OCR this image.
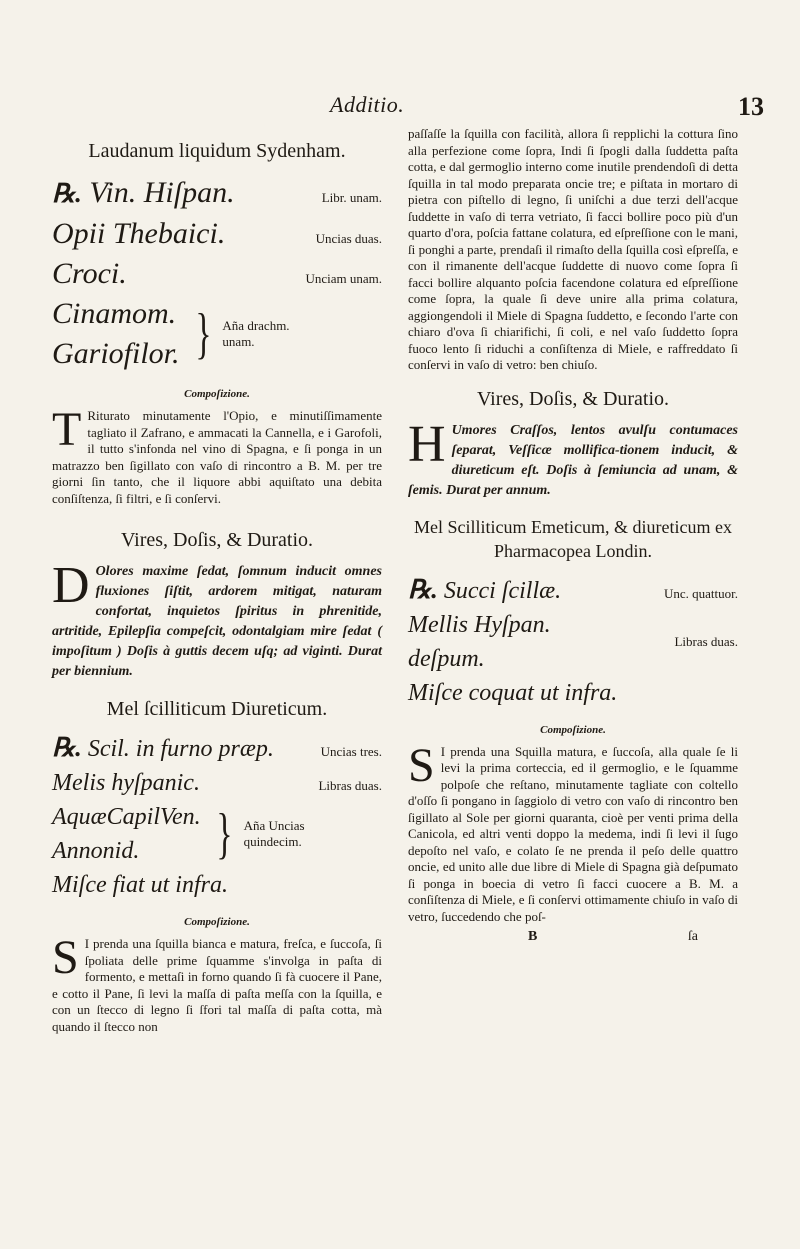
Additio.	13
Laudanum liquidum Sydenham.
℞. Vin. Hiſpan.	Libr. unam.
Opii Thebaici.	Uncias duas.
Croci.	Unciam unam.
Cinamom.
Gariofilor. } Aña drachm. unam.
Compoſizione.

T Riturato minutamente l'Opio, e minutiſſimamente tagliato il Zafrano, e ammacati la Cannella, e i Garofoli, il tutto s'infonda nel vino di Spagna, e ſi ponga in un matrazzo ben ſigillato con vaſo di rincontro a B. M. per tre giorni ſin tanto, che il liquore abbi aquiſtato una debita conſiſtenza, ſi filtri, e ſi conſervi.

Vires, Doſis, & Duratio.

D Olores maxime ſedat, ſomnum inducit omnes fluxiones ſiſtit, ardorem mitigat, naturam confortat, inquietos ſpiritus in phrenitide, artritide, Epilepſia compeſcit, odontalgiam mire ſedat ( impoſitum ) Doſis à guttis decem uſq; ad viginti. Durat per biennium.

Mel ſcilliticum Diureticum.
℞. Scil. in furno præp.	Uncias tres.
Melis hyſpanic.	Libras duas.
AquæCapilVen.
Annonid.	} Aña Uncias quindecim.
Miſce fiat ut infra.
Compoſizione.

S I prenda una ſquilla bianca e matura, freſca, e ſuccoſa, ſi ſpoliata delle prime ſquamme s'involga in paſta di formento, e mettaſi in forno quando ſi fà cuocere il Pane, e cotto il Pane, ſi levi la maſſa di paſta meſſa con la ſquilla, e con un ſtecco di legno ſi ſfori tal maſſa di paſta cotta, mà quando il ſtecco non

paſſaſſe la ſquilla con facilità, allora ſi repplichi la cottura ſino alla perfezione come ſopra, Indi ſi ſpogli dalla ſuddetta paſta cotta, e dal germoglio interno come inutile prendendoſi di detta ſquilla in tal modo preparata oncie tre; e piſtata in mortaro di pietra con piſtello di legno, ſi uniſchi a due terzi dell'acque ſuddette in vaſo di terra vetriato, ſi facci bollire poco più d'un quarto d'ora, poſcia fattane colatura, ed eſpreſſione con le mani, ſi ponghi a parte, prendaſi il rimaſto della ſquilla così eſpreſſa, e con il rimanente dell'acque ſuddette di nuovo come ſopra ſi facci bollire alquanto poſcia facendone colatura ed eſpreſſione come ſopra, la quale ſi deve unire alla prima colatura, aggiongendoli il Miele di Spagna ſuddetto, e ſecondo l'arte con chiaro d'ova ſi chiarifichi, ſi coli, e nel vaſo ſuddetto ſopra fuoco lento ſi riduchi a conſiſtenza di Miele, e raffreddato ſi conſervi in vaſo di vetro: ben chiuſo.

Vires, Doſis, & Duratio.

H Umores Craſſos, lentos avulſu contumaces ſeparat, Veſſicæ mollifica-tionem inducit, & diureticum eſt. Doſis à ſemiuncia ad unam, & ſemis. Durat per annum.

Mel Scilliticum Emeticum, & diureticum ex Pharmacopea Londin.
℞. Succi ſcillæ.	Unc. quattuor.
Mellis Hyſpan.
deſpum.
Libras duas.
Miſce coquat ut infra.
Compoſizione.

S I prenda una Squilla matura, e ſuccoſa, alla quale ſe li levi la prima corteccia, ed il germoglio, e le ſquamme polpoſe che reſtano, minutamente tagliate con coltello d'oſſo ſi pongano in ſaggiolo di vetro con vaſo di rincontro ben ſigillato al Sole per giorni quaranta, cioè per venti prima della Canicola, ed altri venti doppo la medema, indi ſi levi il ſugo depoſto nel vaſo, e colato ſe ne prenda il peſo delle quattro oncie, ed unito alle due libre di Miele di Spagna già deſpumato ſi ponga in boecia di vetro ſi facci cuocere a B. M. a conſiſtenza di Miele, e ſi conſervi ottimamente chiuſo in vaſo di vetro, ſuccedendo che poſ-

B	ſa
